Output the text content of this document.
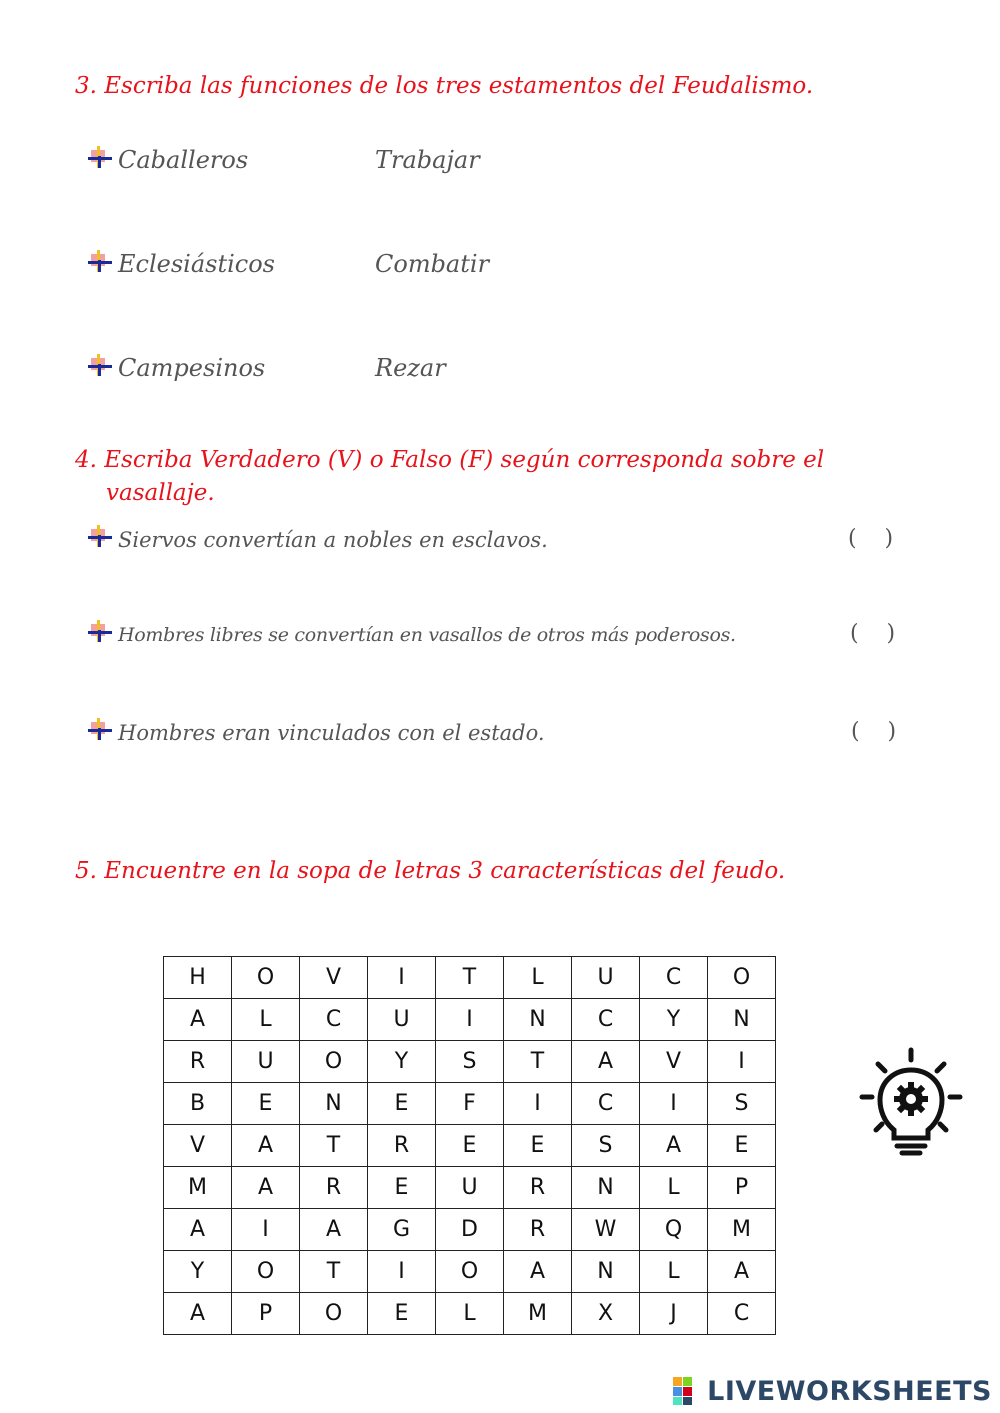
3. Escriba las funciones de los tres estamentos del Feudalismo.
Caballeros	Trabajar
Eclesiásticos	Combatir
Campesinos	Rezar
4. Escriba Verdadero (V) o Falso (F) según corresponda sobre el
vasallaje.
Siervos convertían a nobles en esclavos.	(    )
Hombres libres se convertían en vasallos de otros más poderosos.	(    )
Hombres eran vinculados con el estado.	(    )
5. Encuentre en la sopa de letras 3 características del feudo.
H	O	V	I	T	L	U	C	O
A	L	C	U	I	N	C	Y	N
R	U	O	Y	S	T	A	V	I
B	E	N	E	F	I	C	I	S
V	A	T	R	E	E	S	A	E
M	A	R	E	U	R	N	L	P
A	I	A	G	D	R	W	Q	M
Y	O	T	I	O	A	N	L	A
A	P	O	E	L	M	X	J	C
LIVEWORKSHEETS
